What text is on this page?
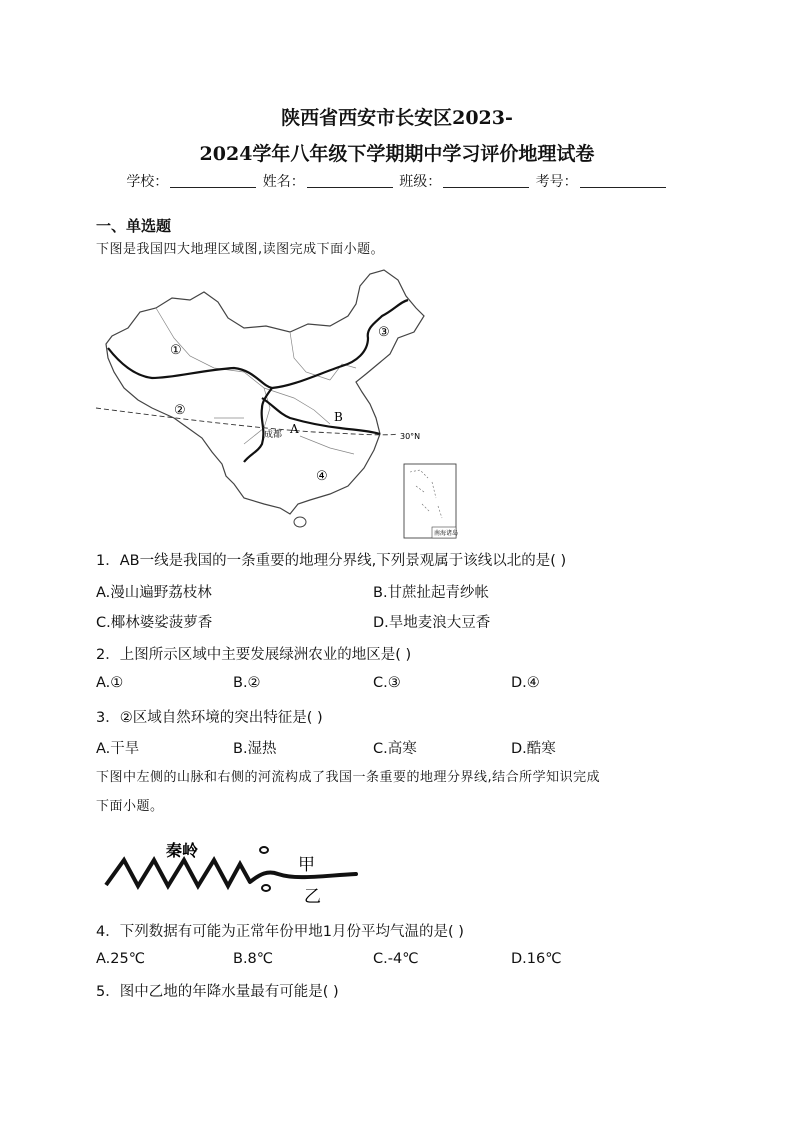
陕西省西安市长安区2023-
2024学年八年级下学期期中学习评价地理试卷
学校：	姓名：	班级：	考号：
一、单选题
下图是我国四大地理区域图,读图完成下面小题。
①
②
③
④
A
B
成都	30°N
南海诸岛
1．AB一线是我国的一条重要的地理分界线,下列景观属于该线以北的是( )
A.漫山遍野荔枝林	B.甘蔗扯起青纱帐
C.椰林婆娑菠萝香	D.旱地麦浪大豆香
2．上图所示区域中主要发展绿洲农业的地区是( )
A.①	B.②	C.③	D.④
3．②区域自然环境的突出特征是( )
A.干旱	B.湿热	C.高寒	D.酷寒
下图中左侧的山脉和右侧的河流构成了我国一条重要的地理分界线,结合所学知识完成
下面小题。
秦岭
甲
乙
4．下列数据有可能为正常年份甲地1月份平均气温的是( )
A.25℃	B.8℃	C.-4℃	D.16℃
5．图中乙地的年降水量最有可能是( )
